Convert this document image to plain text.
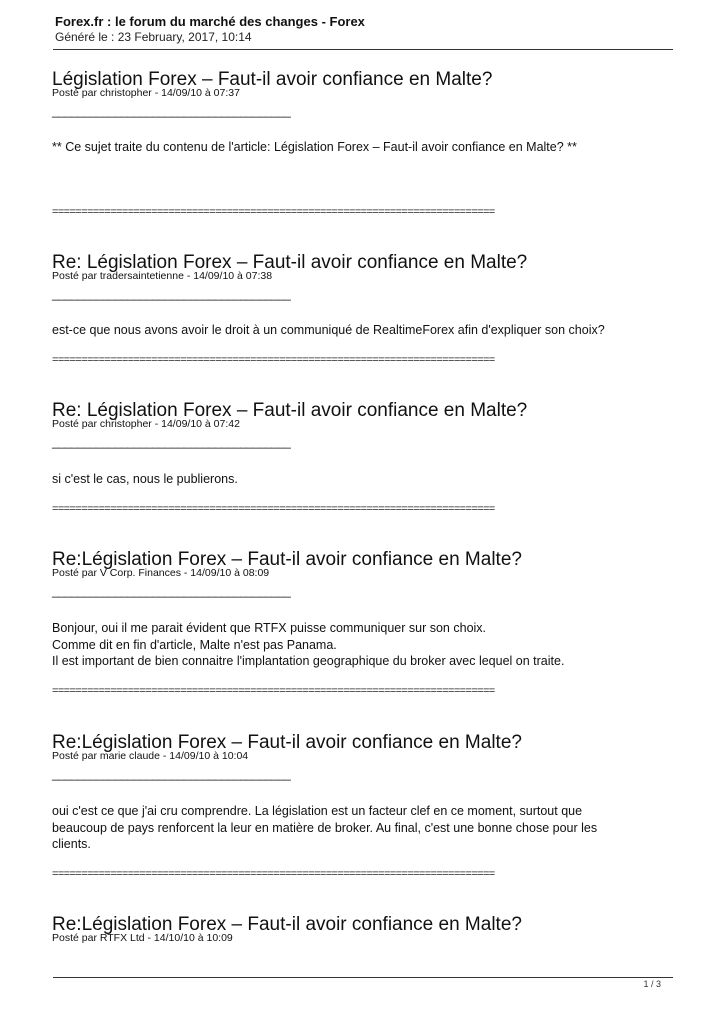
Forex.fr : le forum du marché des changes - Forex
Généré le : 23 February, 2017, 10:14
Législation Forex – Faut-il avoir confiance en Malte?
Posté par christopher - 14/09/10 à 07:37
______________________________________
** Ce sujet traite du contenu de l'article: Législation Forex – Faut-il avoir confiance en Malte? **
============================================================================
Re: Législation Forex – Faut-il avoir confiance en Malte?
Posté par tradersaintetienne - 14/09/10 à 07:38
______________________________________
est-ce que nous avons avoir le droit à un communiqué de RealtimeForex afin d'expliquer son choix?
============================================================================
Re: Législation Forex – Faut-il avoir confiance en Malte?
Posté par christopher - 14/09/10 à 07:42
______________________________________
si c'est le cas, nous le publierons.
============================================================================
Re:Législation Forex – Faut-il avoir confiance en Malte?
Posté par V Corp. Finances - 14/09/10 à 08:09
______________________________________
Bonjour, oui il me parait évident que RTFX puisse communiquer sur son choix.
Comme dit en fin d'article, Malte n'est pas Panama.
Il est important de bien connaitre l'implantation geographique du broker avec lequel on traite.
============================================================================
Re:Législation Forex – Faut-il avoir confiance en Malte?
Posté par marie claude - 14/09/10 à 10:04
______________________________________
oui c'est ce que j'ai cru comprendre. La législation est un facteur clef en ce moment, surtout que
beaucoup de pays renforcent la leur en matière de broker. Au final, c'est une bonne chose pour les
clients.
============================================================================
Re:Législation Forex – Faut-il avoir confiance en Malte?
Posté par RTFX Ltd - 14/10/10 à 10:09
1 / 3
